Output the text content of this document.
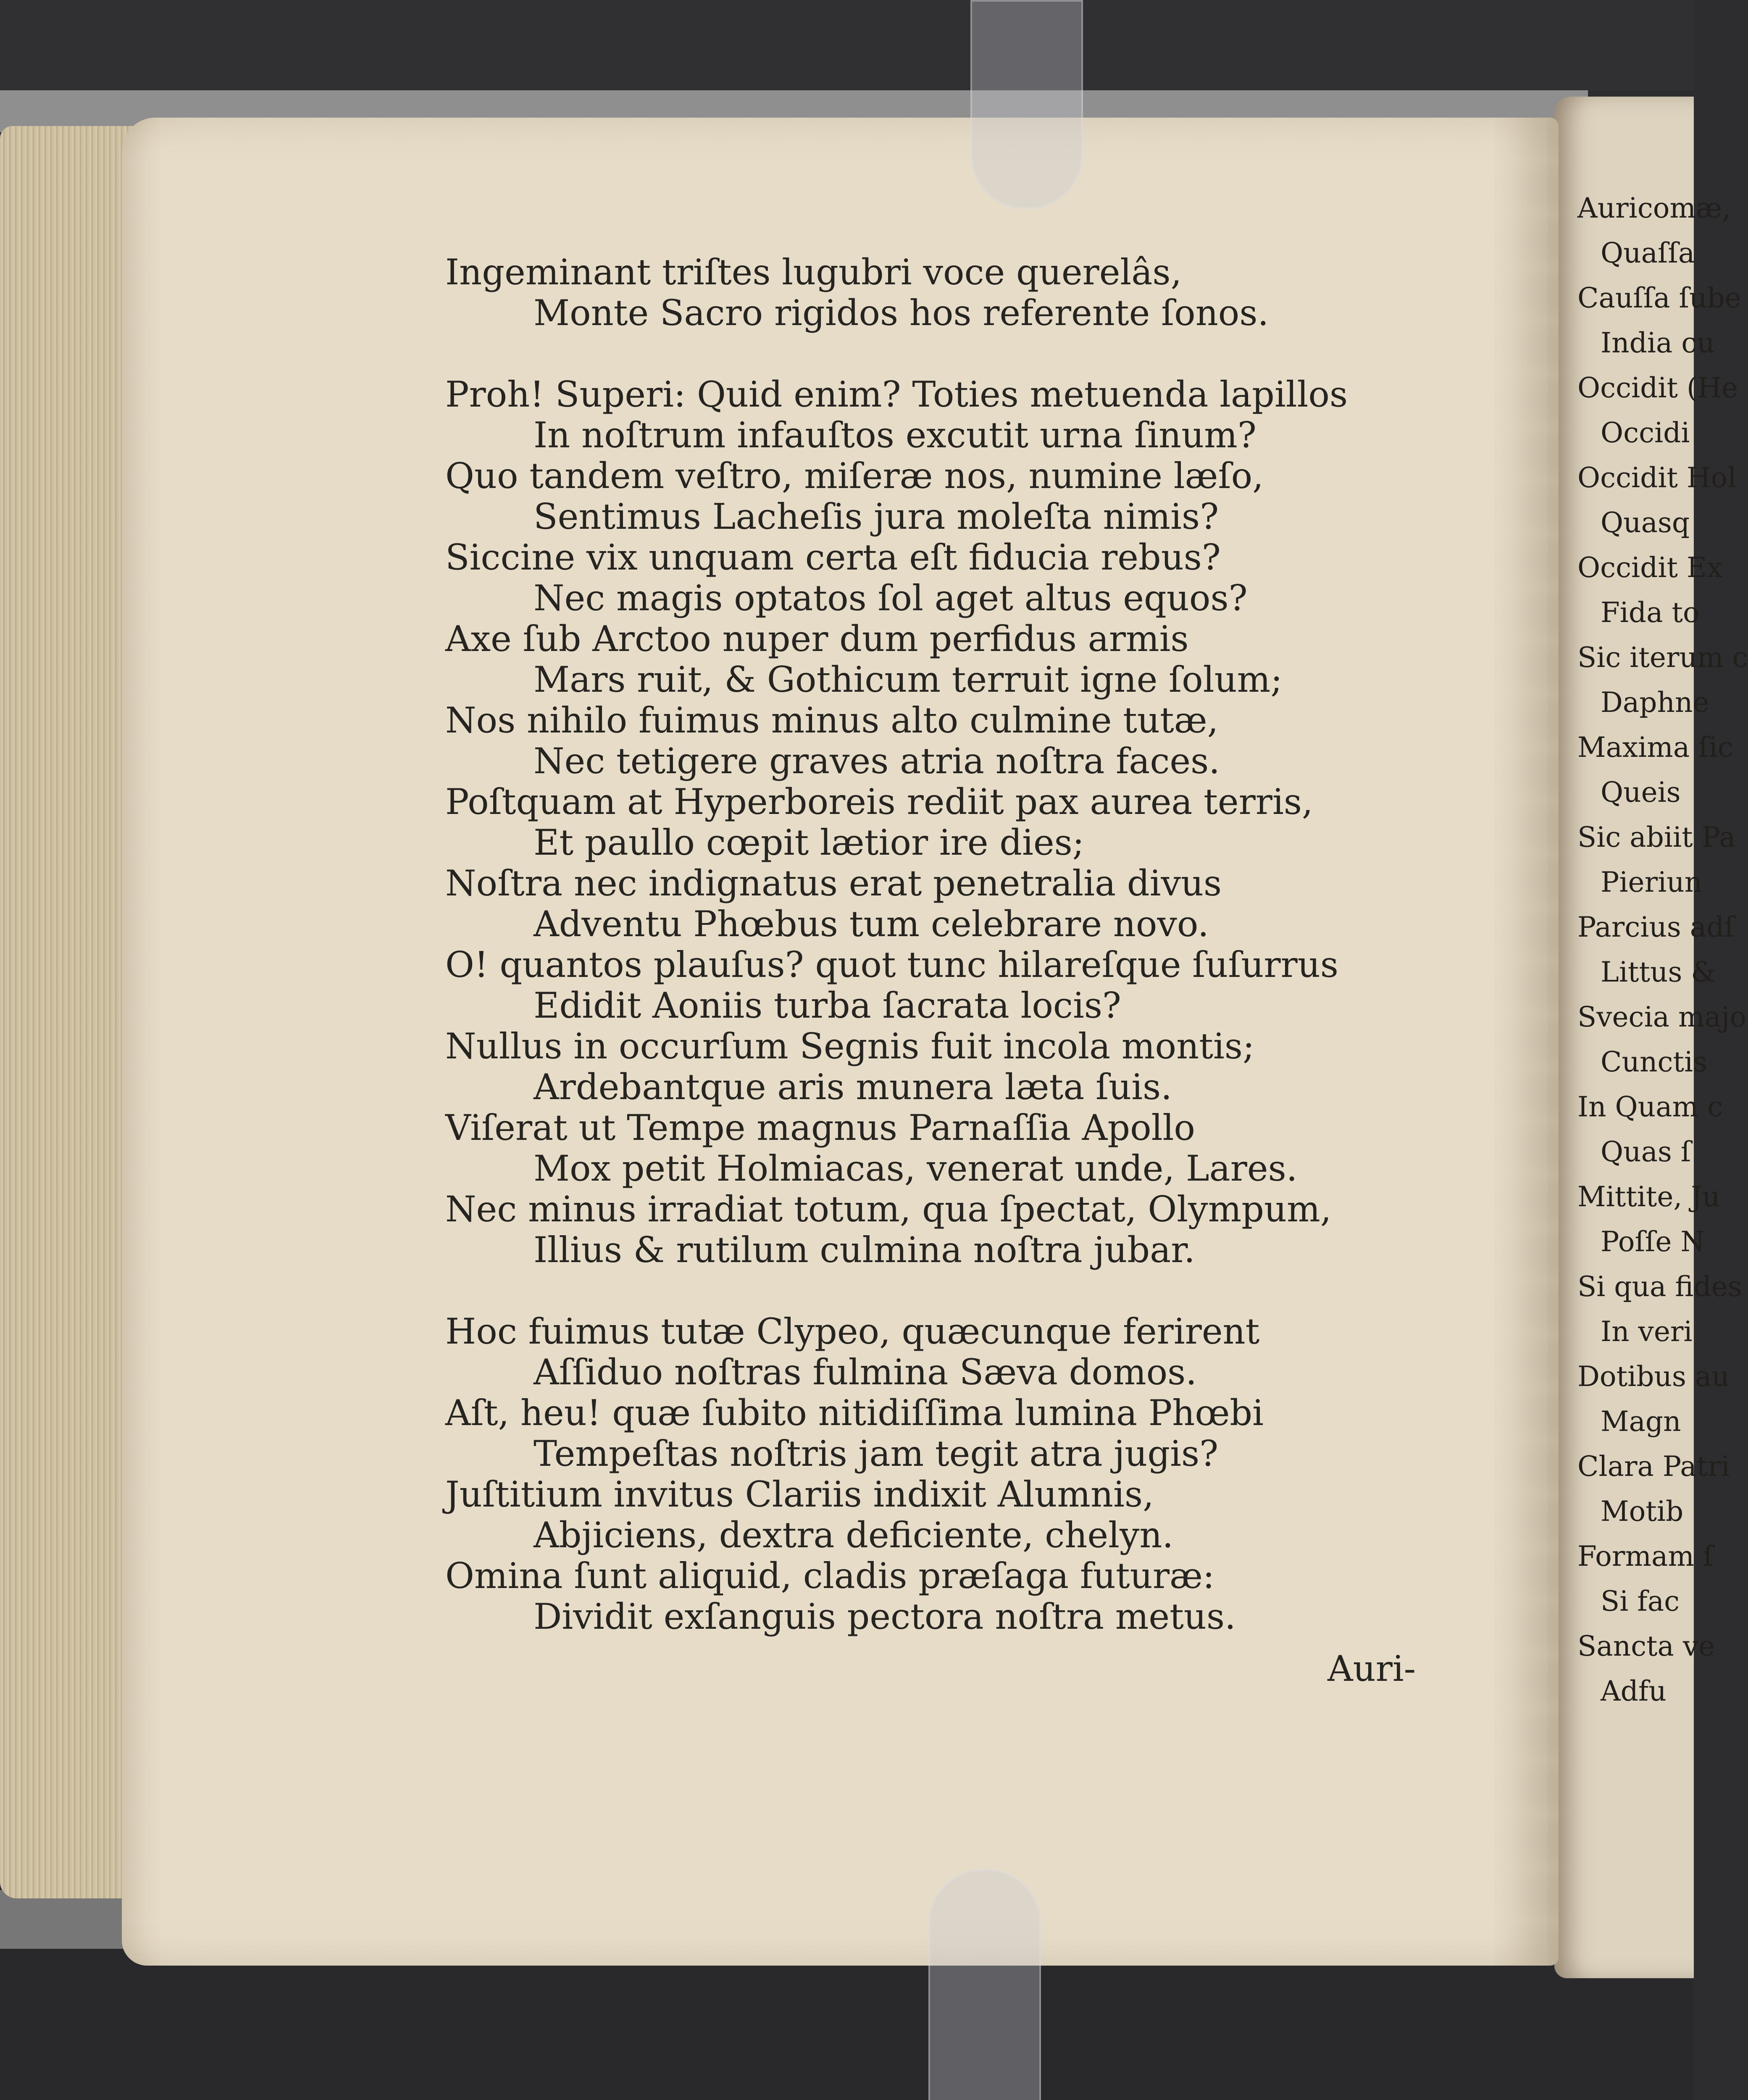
Auricomæ,
Quaſſa
Cauſſa ſube
India cu
Occidit (He
Occidi
Occidit Hol
Quasq
Occidit Ex
Fida to
Sic iterum c
Daphne
Maxima ſic
Queis
Sic abiit Pa
Pieriun
Parcius adſ
Littus &
Svecia majo
Cunctis
In Quam c
Quas ſ
Mittite, Ju
Poſſe N
Si qua fides
In veri
Dotibus au
Magn
Clara Patri
Motib
Formam ſ
Si fac
Sancta ve
Adfu
Ingeminant triſtes lugubri voce querelâs,
Monte Sacro rigidos hos referente ſonos.
Proh! Superi: Quid enim? Toties metuenda lapillos
In noſtrum infauſtos excutit urna ſinum?
Quo tandem veſtro, miſeræ nos, numine læſo,
Sentimus Lacheſis jura moleſta nimis?
Siccine vix unquam certa eſt fiducia rebus?
Nec magis optatos ſol aget altus equos?
Axe ſub Arctoo nuper dum perfidus armis
Mars ruit, & Gothicum terruit igne ſolum;
Nos nihilo fuimus minus alto culmine tutæ,
Nec tetigere graves atria noſtra faces.
Poſtquam at Hyperboreis rediit pax aurea terris,
Et paullo cœpit lætior ire dies;
Noſtra nec indignatus erat penetralia divus
Adventu Phœbus tum celebrare novo.
O! quantos plauſus? quot tunc hilareſque ſuſurrus
Edidit Aoniis turba ſacrata locis?
Nullus in occurſum Segnis fuit incola montis;
Ardebantque aris munera læta ſuis.
Viſerat ut Tempe magnus Parnaſſia Apollo
Mox petit Holmiacas, venerat unde, Lares.
Nec minus irradiat totum, qua ſpectat, Olympum,
Illius & rutilum culmina noſtra jubar.
Hoc fuimus tutæ Clypeo, quæcunque ferirent
Aſſiduo noſtras fulmina Sæva domos.
Aſt, heu! quæ ſubito nitidiſſima lumina Phœbi
Tempeſtas noſtris jam tegit atra jugis?
Juſtitium invitus Clariis indixit Alumnis,
Abjiciens, dextra deficiente, chelyn.
Omina ſunt aliquid, cladis præſaga futuræ:
Dividit exſanguis pectora noſtra metus.
Auri-
